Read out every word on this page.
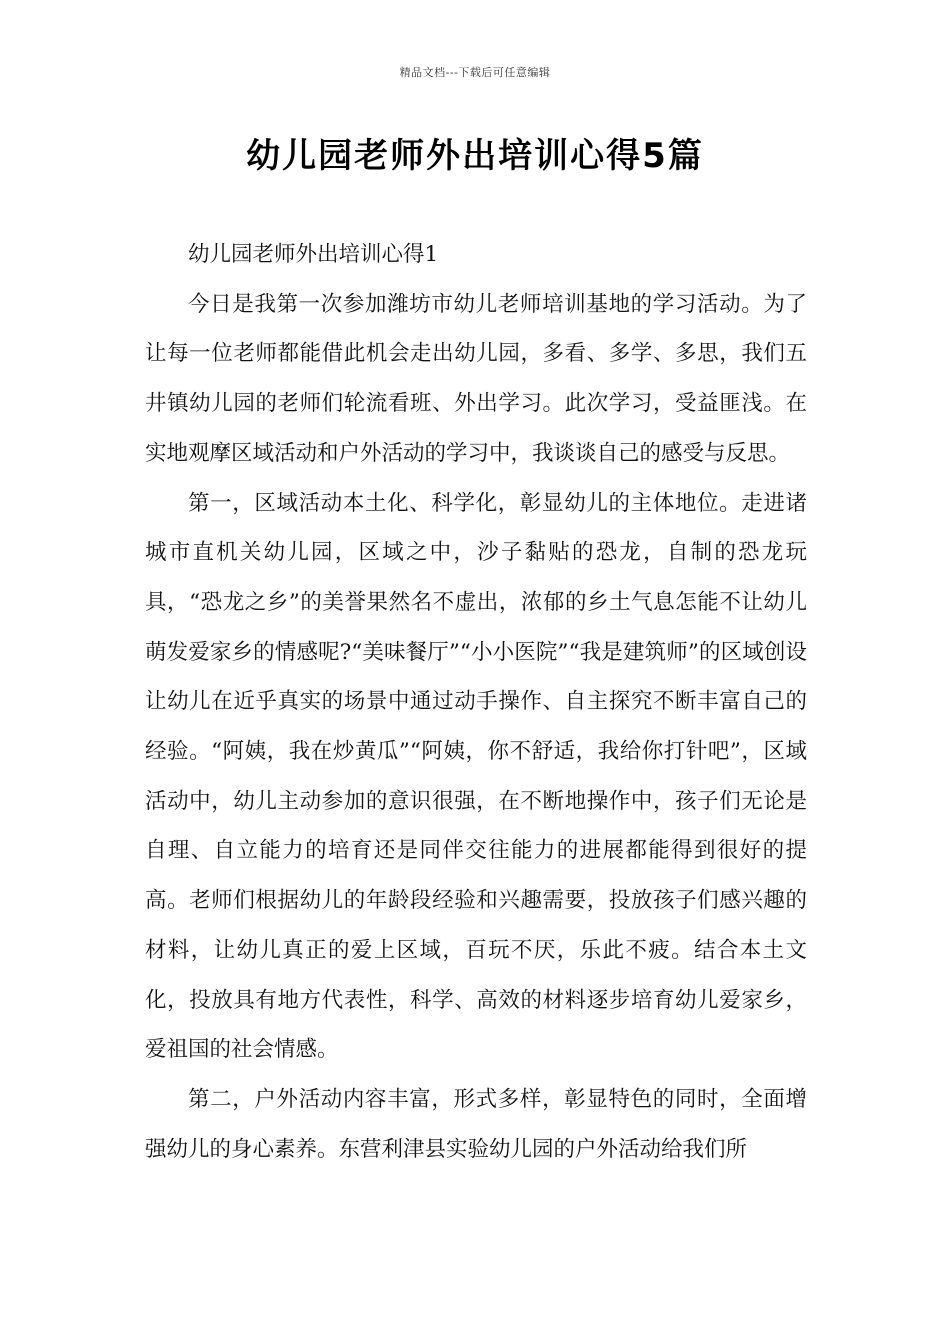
精品文档---下载后可任意编辑
幼儿园老师外出培训心得5篇

幼儿园老师外出培训心得1

今日是我第一次参加潍坊市幼儿老师培训基地的学习活动。为了让每一位老师都能借此机会走出幼儿园，多看、多学、多思，我们五井镇幼儿园的老师们轮流看班、外出学习。此次学习，受益匪浅。在实地观摩区域活动和户外活动的学习中，我谈谈自己的感受与反思。

第一，区域活动本土化、科学化，彰显幼儿的主体地位。走进诸城市直机关幼儿园，区域之中，沙子黏贴的恐龙，自制的恐龙玩具，“恐龙之乡”的美誉果然名不虚出，浓郁的乡土气息怎能不让幼儿萌发爱家乡的情感呢?“美味餐厅”“小小医院”“我是建筑师”的区域创设让幼儿在近乎真实的场景中通过动手操作、自主探究不断丰富自己的经验。“阿姨，我在炒黄瓜”“阿姨，你不舒适，我给你打针吧”，区域活动中，幼儿主动参加的意识很强，在不断地操作中，孩子们无论是自理、自立能力的培育还是同伴交往能力的进展都能得到很好的提高。老师们根据幼儿的年龄段经验和兴趣需要，投放孩子们感兴趣的材料，让幼儿真正的爱上区域，百玩不厌，乐此不疲。结合本土文化，投放具有地方代表性，科学、高效的材料逐步培育幼儿爱家乡，爱祖国的社会情感。

第二，户外活动内容丰富，形式多样，彰显特色的同时，全面增强幼儿的身心素养。东营利津县实验幼儿园的户外活动给我们所
